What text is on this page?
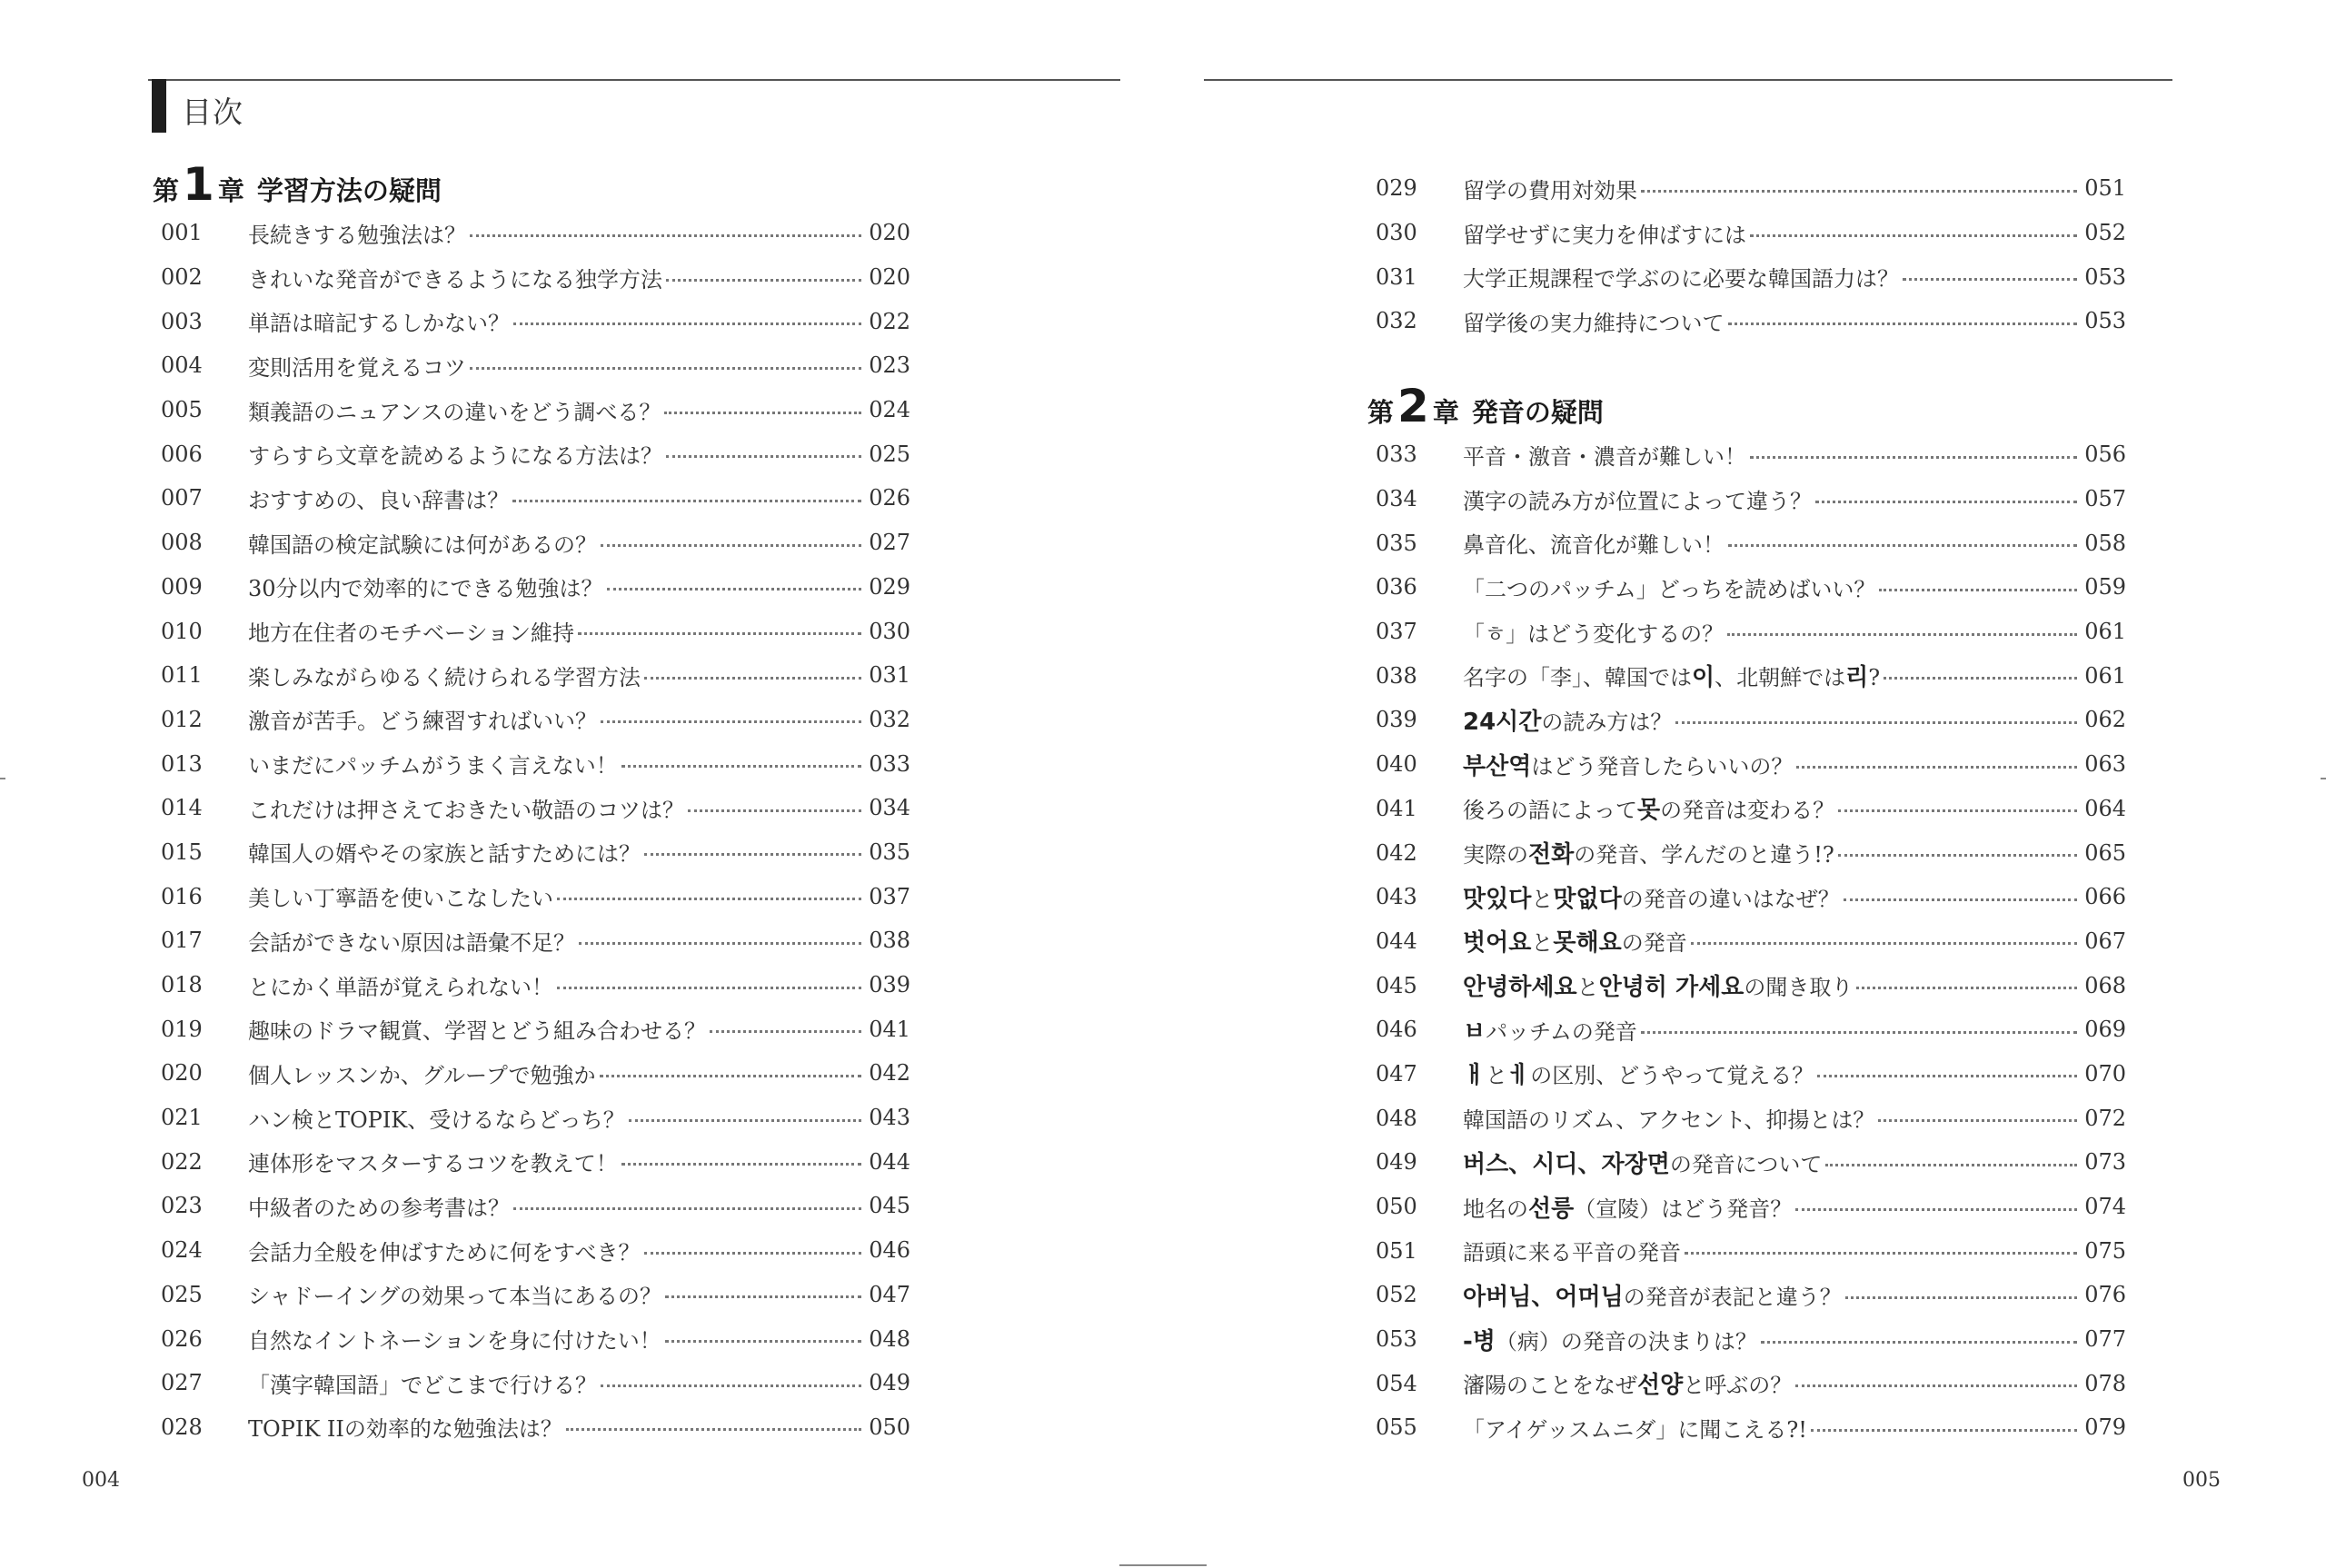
目次
第 1 章 学習方法の疑問
001	長続きする勉強法は？	020
002	きれいな発音ができるようになる独学方法	020
003	単語は暗記するしかない？	022
004	変則活用を覚えるコツ	023
005	類義語のニュアンスの違いをどう調べる？	024
006	すらすら文章を読めるようになる方法は？	025
007	おすすめの、良い辞書は？	026
008	韓国語の検定試験には何があるの？	027
009	30分以内で効率的にできる勉強は？	029
010	地方在住者のモチベーション維持	030
011	楽しみながらゆるく続けられる学習方法	031
012	激音が苦手。どう練習すればいい？	032
013	いまだにパッチムがうまく言えない！	033
014	これだけは押さえておきたい敬語のコツは？	034
015	韓国人の婿やその家族と話すためには？	035
016	美しい丁寧語を使いこなしたい	037
017	会話ができない原因は語彙不足？	038
018	とにかく単語が覚えられない！	039
019	趣味のドラマ観賞、学習とどう組み合わせる？	041
020	個人レッスンか、グループで勉強か	042
021	ハン検とTOPIK、受けるならどっち？	043
022	連体形をマスターするコツを教えて！	044
023	中級者のための参考書は？	045
024	会話力全般を伸ばすために何をすべき？	046
025	シャドーイングの効果って本当にあるの？	047
026	自然なイントネーションを身に付けたい！	048
027	「漢字韓国語」でどこまで行ける？	049
028	TOPIK IIの効率的な勉強法は？	050
004
029	留学の費用対効果	051
030	留学せずに実力を伸ばすには	052
031	大学正規課程で学ぶのに必要な韓国語力は？	053
032	留学後の実力維持について	053
第 2 章 発音の疑問
033	平音・激音・濃音が難しい！	056
034	漢字の読み方が位置によって違う？	057
035	鼻音化、流音化が難しい！	058
036	「二つのパッチム」どっちを読めばいい？	059
037	「ㅎ」はどう変化するの？	061
038	名字の「李」、韓国では이、北朝鮮では리?	061
039	24시간の読み方は？	062
040	부산역はどう発音したらいいの？	063
041	後ろの語によって못の発音は変わる？	064
042	実際の전화の発音、学んだのと違う!?	065
043	맛있다と맛없다の発音の違いはなぜ？	066
044	벗어요と못해요の発音	067
045	안녕하세요と안녕히 가세요の聞き取り	068
046	ㅂパッチムの発音	069
047	ㅐとㅔの区別、どうやって覚える？	070
048	韓国語のリズム、アクセント、抑揚とは？	072
049	버스、시디、자장면の発音について	073
050	地名の선릉（宣陵）はどう発音？	074
051	語頭に来る平音の発音	075
052	아버님、어머님の発音が表記と違う？	076
053	-병（病）の発音の決まりは？	077
054	瀋陽のことをなぜ선양と呼ぶの？	078
055	「アイゲッスムニダ」に聞こえる?!	079
005
